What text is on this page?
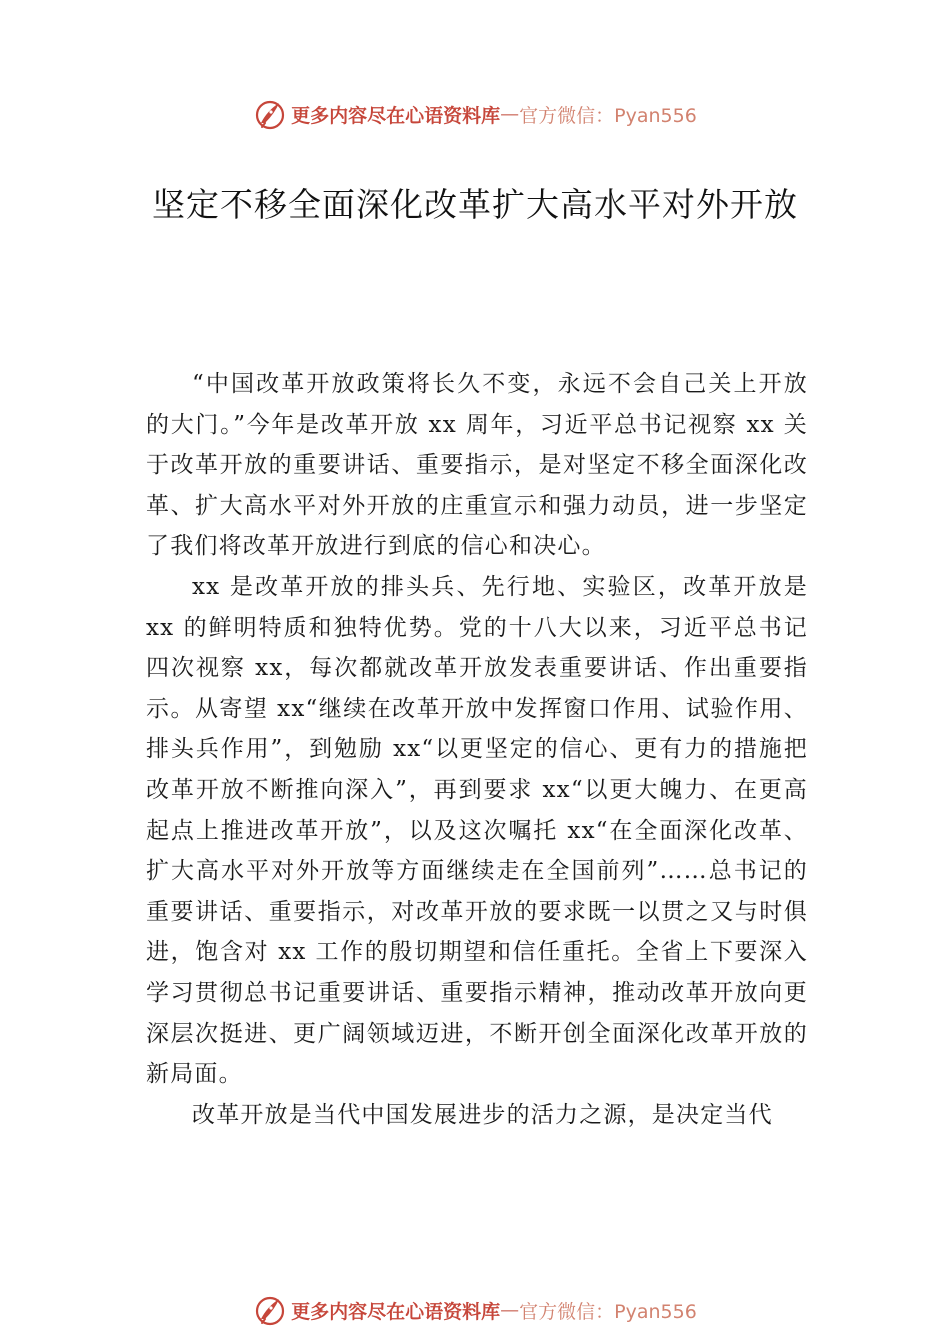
更多内容尽在心语资料库 — 官方微信：Pyan556
坚定不移全面深化改革扩大高水平对外开放

“中国改革开放政策将长久不变，永远不会自己关上开放的大门。”今年是改革开放 xx 周年，习近平总书记视察 xx 关于改革开放的重要讲话、重要指示，是对坚定不移全面深化改革、扩大高水平对外开放的庄重宣示和强力动员，进一步坚定了我们将改革开放进行到底的信心和决心。

xx 是改革开放的排头兵、先行地、实验区，改革开放是 xx 的鲜明特质和独特优势。党的十八大以来，习近平总书记四次视察 xx，每次都就改革开放发表重要讲话、作出重要指示。从寄望 xx“继续在改革开放中发挥窗口作用、试验作用、排头兵作用”，到勉励 xx“以更坚定的信心、更有力的措施把改革开放不断推向深入”，再到要求 xx“以更大魄力、在更高起点上推进改革开放”，以及这次嘱托 xx“在全面深化改革、扩大高水平对外开放等方面继续走在全国前列”……总书记的重要讲话、重要指示，对改革开放的要求既一以贯之又与时俱进，饱含对 xx 工作的殷切期望和信任重托。全省上下要深入学习贯彻总书记重要讲话、重要指示精神，推动改革开放向更深层次挺进、更广阔领域迈进，不断开创全面深化改革开放的新局面。

改革开放是当代中国发展进步的活力之源，是决定当代

更多内容尽在心语资料库 — 官方微信：Pyan556
